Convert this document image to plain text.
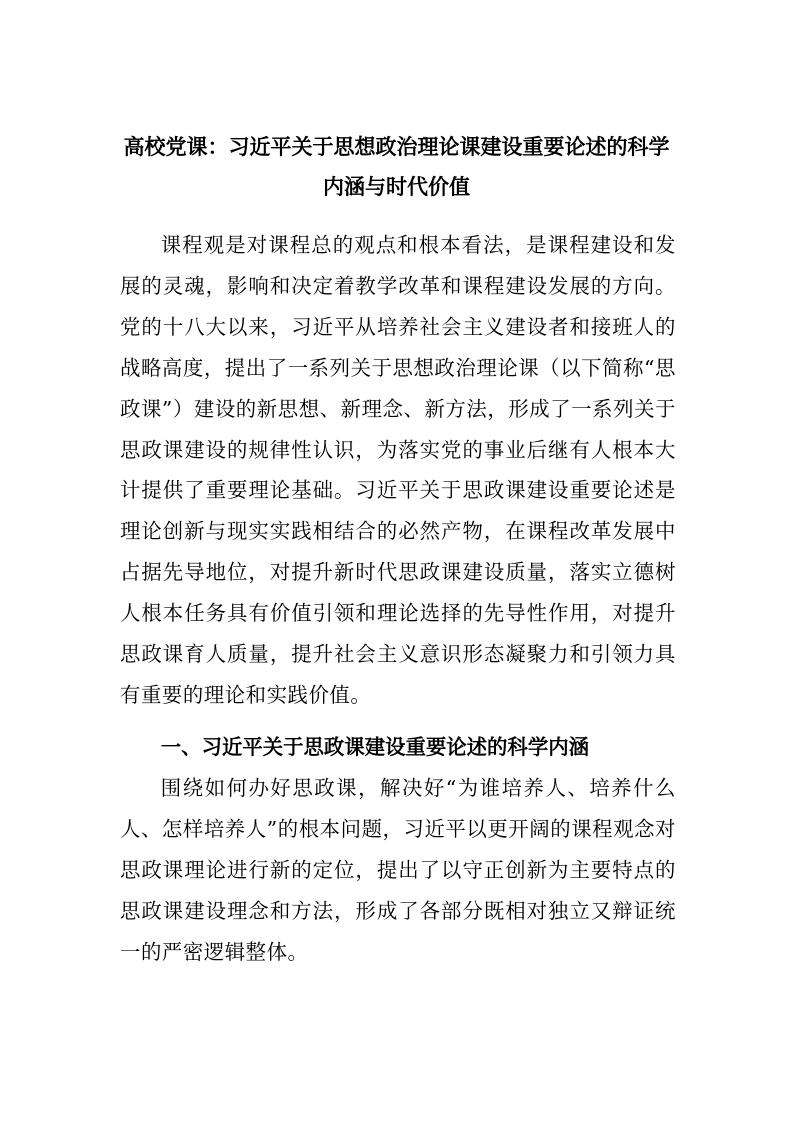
高校党课：习近平关于思想政治理论课建设重要论述的科学
内涵与时代价值

课程观是对课程总的观点和根本看法，是课程建设和发展的灵魂，影响和决定着教学改革和课程建设发展的方向。党的十八大以来，习近平从培养社会主义建设者和接班人的战略高度，提出了一系列关于思想政治理论课（以下简称“思政课”）建设的新思想、新理念、新方法，形成了一系列关于思政课建设的规律性认识，为落实党的事业后继有人根本大计提供了重要理论基础。习近平关于思政课建设重要论述是理论创新与现实实践相结合的必然产物，在课程改革发展中占据先导地位，对提升新时代思政课建设质量，落实立德树人根本任务具有价值引领和理论选择的先导性作用，对提升思政课育人质量，提升社会主义意识形态凝聚力和引领力具有重要的理论和实践价值。

一、习近平关于思政课建设重要论述的科学内涵

围绕如何办好思政课，解决好“为谁培养人、培养什么人、怎样培养人”的根本问题，习近平以更开阔的课程观念对思政课理论进行新的定位，提出了以守正创新为主要特点的思政课建设理念和方法，形成了各部分既相对独立又辩证统一的严密逻辑整体。
